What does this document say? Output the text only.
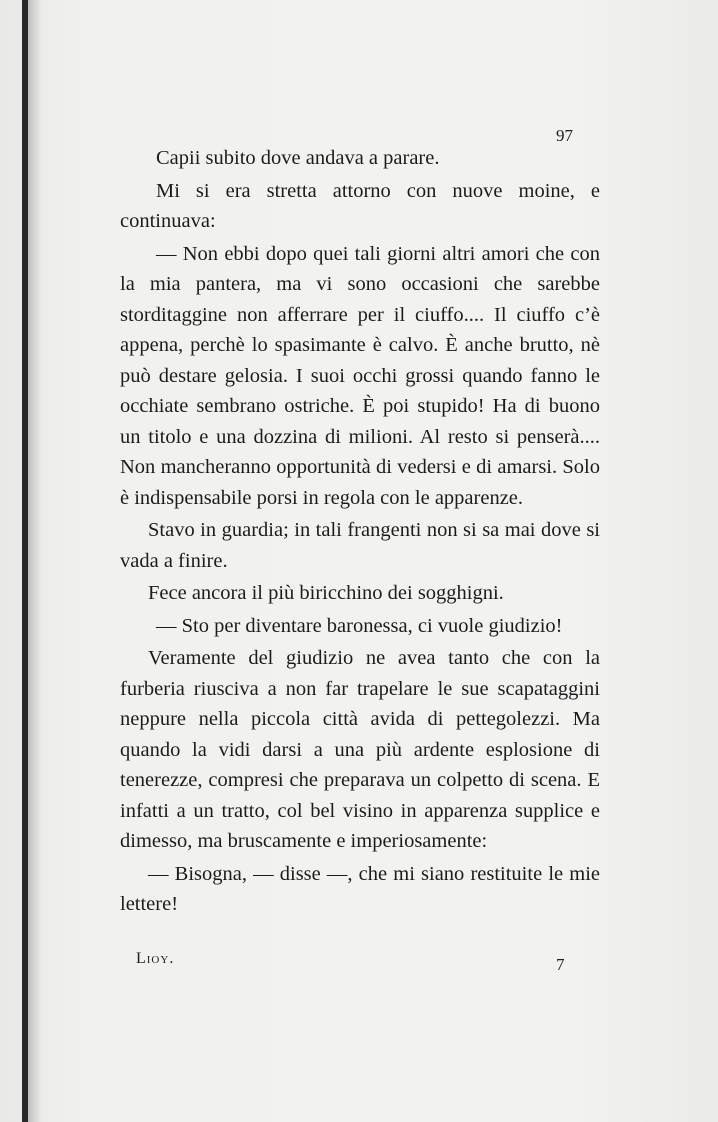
97

Capii subito dove andava a parare.

Mi si era stretta attorno con nuove moine, e continuava:

— Non ebbi dopo quei tali giorni altri amori che con la mia pantera, ma vi sono occasioni che sarebbe storditaggine non afferrare per il ciuffo.... Il ciuffo c’è appena, perchè lo spasimante è calvo. È anche brutto, nè può destare gelosia. I suoi occhi grossi quando fanno le occhiate sembrano ostriche. È poi stupido! Ha di buono un titolo e una dozzina di milioni. Al resto si penserà.... Non mancheranno opportunità di vedersi e di amarsi. Solo è indispensabile porsi in regola con le apparenze.

Stavo in guardia; in tali frangenti non si sa mai dove si vada a finire.

Fece ancora il più biricchino dei sogghigni.

— Sto per diventare baronessa, ci vuole giudizio!

Veramente del giudizio ne avea tanto che con la furberia riusciva a non far trapelare le sue scapataggini neppure nella piccola città avida di pettegolezzi. Ma quando la vidi darsi a una più ardente esplosione di tenerezze, compresi che preparava un colpetto di scena. E infatti a un tratto, col bel visino in apparenza supplice e dimesso, ma bruscamente e imperiosamente:

— Bisogna, — disse —, che mi siano restituite le mie lettere!

Lioy.	7
